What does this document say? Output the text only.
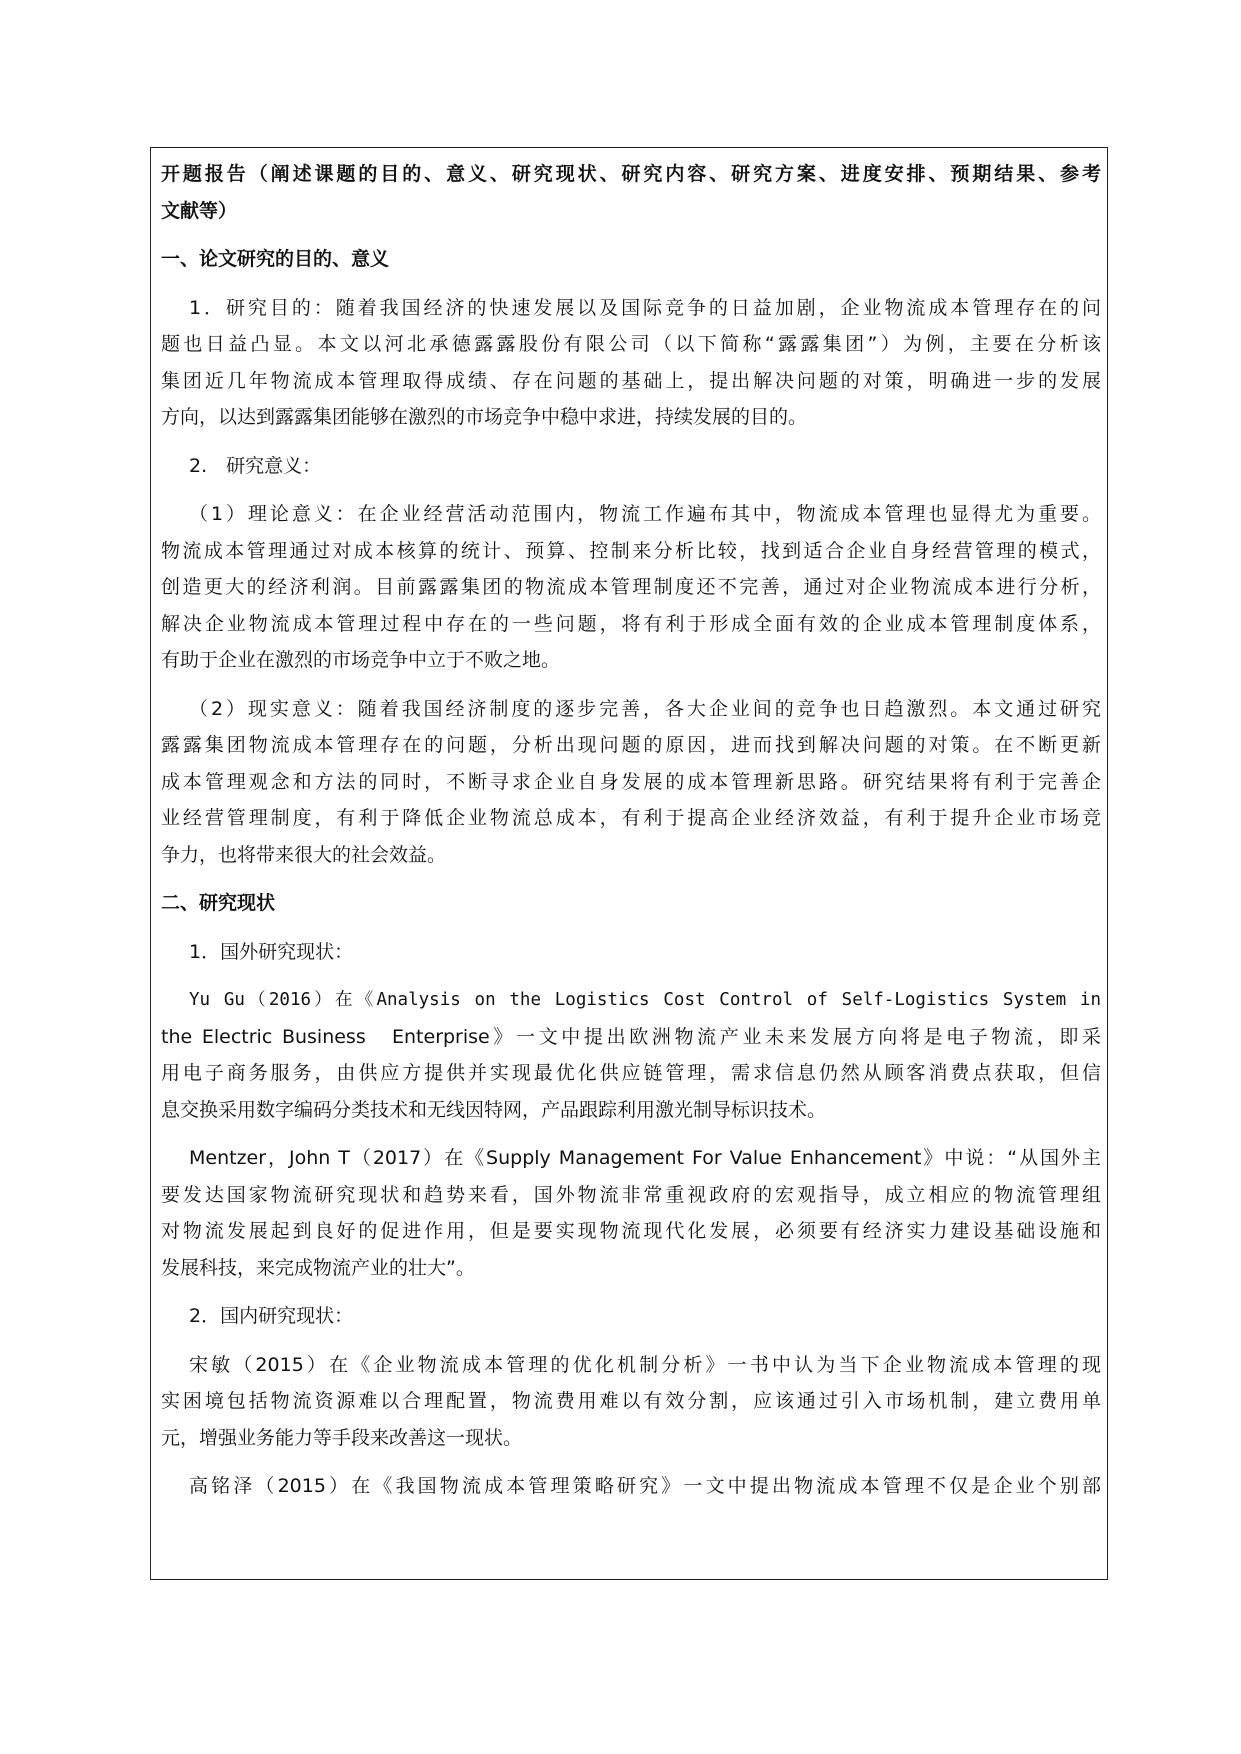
开题报告（阐述课题的目的、意义、研究现状、研究内容、研究方案、进度安排、预期结果、参考
文献等）
一、论文研究的目的、意义
1．研究目的：随着我国经济的快速发展以及国际竞争的日益加剧，企业物流成本管理存在的问
题也日益凸显。本文以河北承德露露股份有限公司（以下简称“露露集团”）为例，主要在分析该
集团近几年物流成本管理取得成绩、存在问题的基础上，提出解决问题的对策，明确进一步的发展
方向，以达到露露集团能够在激烈的市场竞争中稳中求进，持续发展的目的。
2.　研究意义：
（1）理论意义：在企业经营活动范围内，物流工作遍布其中，物流成本管理也显得尤为重要。
物流成本管理通过对成本核算的统计、预算、控制来分析比较，找到适合企业自身经营管理的模式，
创造更大的经济利润。目前露露集团的物流成本管理制度还不完善，通过对企业物流成本进行分析，
解决企业物流成本管理过程中存在的一些问题，将有利于形成全面有效的企业成本管理制度体系，
有助于企业在激烈的市场竞争中立于不败之地。
（2）现实意义：随着我国经济制度的逐步完善，各大企业间的竞争也日趋激烈。本文通过研究
露露集团物流成本管理存在的问题，分析出现问题的原因，进而找到解决问题的对策。在不断更新
成本管理观念和方法的同时，不断寻求企业自身发展的成本管理新思路。研究结果将有利于完善企
业经营管理制度，有利于降低企业物流总成本，有利于提高企业经济效益，有利于提升企业市场竞
争力，也将带来很大的社会效益。
二、研究现状
1．国外研究现状：
Yu Gu（2016）在《Analysis on the Logistics Cost Control of Self-Logistics System in
the Electric Business　Enterprise》一文中提出欧洲物流产业未来发展方向将是电子物流，即采
用电子商务服务，由供应方提供并实现最优化供应链管理，需求信息仍然从顾客消费点获取，但信
息交换采用数字编码分类技术和无线因特网，产品跟踪利用激光制导标识技术。
Mentzer，John T（2017）在《Supply Management For Value Enhancement》中说：“从国外主
要发达国家物流研究现状和趋势来看，国外物流非常重视政府的宏观指导，成立相应的物流管理组
对物流发展起到良好的促进作用，但是要实现物流现代化发展，必须要有经济实力建设基础设施和
发展科技，来完成物流产业的壮大”。
2．国内研究现状：
宋敏（2015）在《企业物流成本管理的优化机制分析》一书中认为当下企业物流成本管理的现
实困境包括物流资源难以合理配置，物流费用难以有效分割，应该通过引入市场机制，建立费用单
元，增强业务能力等手段来改善这一现状。
高铭泽（2015）在《我国物流成本管理策略研究》一文中提出物流成本管理不仅是企业个别部
